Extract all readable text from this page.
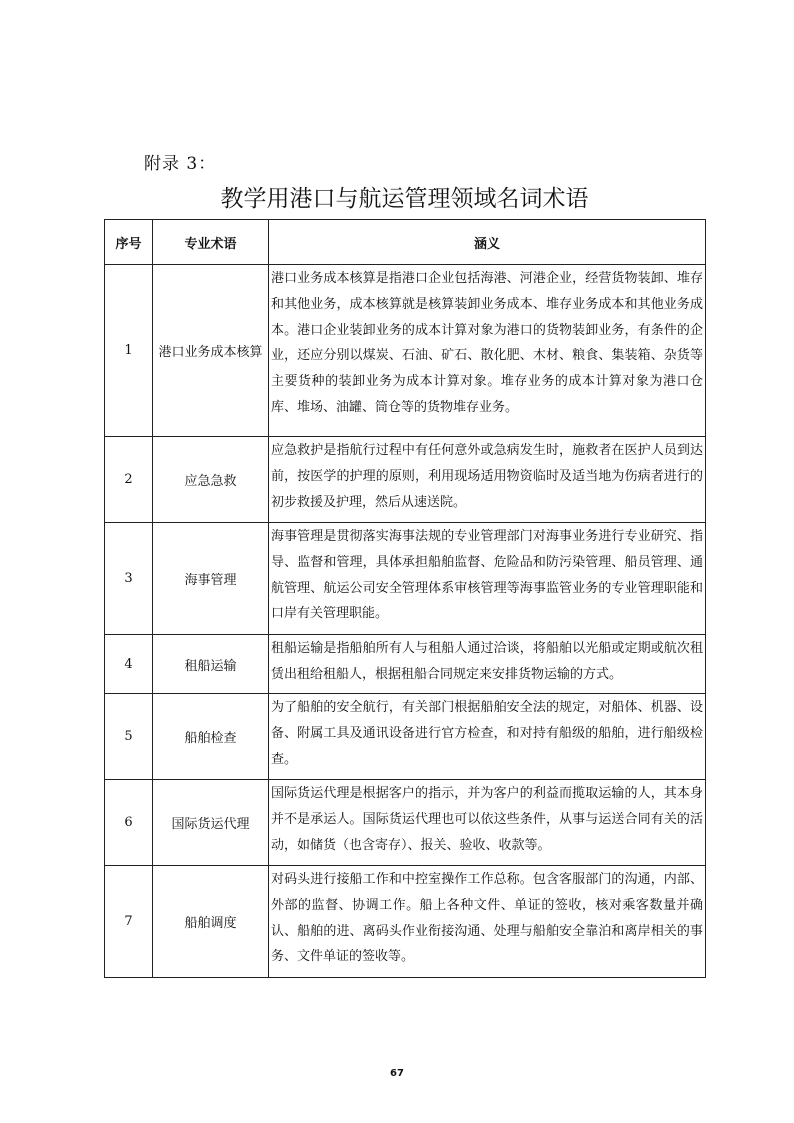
附录 3：
教学用港口与航运管理领域名词术语
序号	专业术语	涵义
1	港口业务成本核算	港口业务成本核算是指港口企业包括海港、河港企业，经营货物装卸、堆存和其他业务，成本核算就是核算装卸业务成本、堆存业务成本和其他业务成本。港口企业装卸业务的成本计算对象为港口的货物装卸业务，有条件的企业，还应分别以煤炭、石油、矿石、散化肥、木材、粮食、集装箱、杂货等主要货种的装卸业务为成本计算对象。堆存业务的成本计算对象为港口仓库、堆场、油罐、筒仓等的货物堆存业务。
2	应急急救	应急救护是指航行过程中有任何意外或急病发生时，施救者在医护人员到达前，按医学的护理的原则，利用现场适用物资临时及适当地为伤病者进行的初步救援及护理，然后从速送院。
3	海事管理	海事管理是贯彻落实海事法规的专业管理部门对海事业务进行专业研究、指导、监督和管理，具体承担船舶监督、危险品和防污染管理、船员管理、通航管理、航运公司安全管理体系审核管理等海事监管业务的专业管理职能和口岸有关管理职能。
4	租船运输	租船运输是指船舶所有人与租船人通过洽谈，将船舶以光船或定期或航次租赁出租给租船人，根据租船合同规定来安排货物运输的方式。
5	船舶检查	为了船舶的安全航行，有关部门根据船舶安全法的规定，对船体、机器、设备、附属工具及通讯设备进行官方检查，和对持有船级的船舶，进行船级检查。
6	国际货运代理	国际货运代理是根据客户的指示，并为客户的利益而揽取运输的人，其本身并不是承运人。国际货运代理也可以依这些条件，从事与运送合同有关的活动，如储货（也含寄存）、报关、验收、收款等。
7	船舶调度	对码头进行接船工作和中控室操作工作总称。包含客服部门的沟通，内部、外部的监督、协调工作。船上各种文件、单证的签收，核对乘客数量并确认、船舶的进、离码头作业衔接沟通、处理与船舶安全靠泊和离岸相关的事务、文件单证的签收等。
67
